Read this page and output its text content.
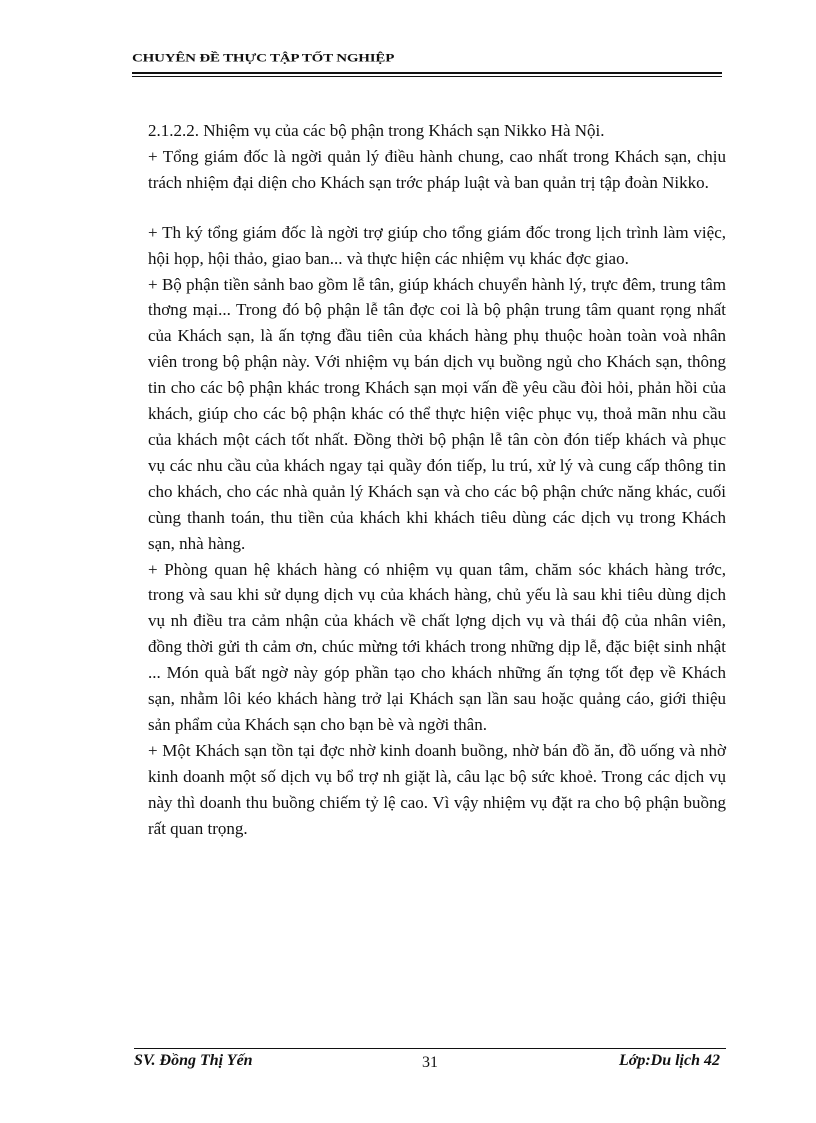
CHUYÊN ĐỀ THỰC TẬP TỐT NGHIỆP

2.1.2.2. Nhiệm vụ của các bộ phận trong Khách sạn Nikko Hà Nội.

+ Tổng giám đốc là ngời quản lý điều hành chung, cao nhất trong Khách sạn, chịu trách nhiệm đại diện cho Khách sạn trớc pháp luật và ban quản trị tập đoàn Nikko.

+ Th ký tổng giám đốc là ngời trợ giúp cho tổng giám đốc trong lịch trình làm việc, hội họp, hội thảo, giao ban... và thực hiện các nhiệm vụ khác đợc giao.

+ Bộ phận tiền sảnh bao gồm lễ tân, giúp khách chuyển hành lý, trực đêm, trung tâm thơng mại... Trong đó bộ phận lễ tân đợc coi là bộ phận trung tâm quant rọng nhất của Khách sạn, là ấn tợng đầu tiên của khách hàng phụ thuộc hoàn toàn voà nhân viên trong bộ phận này. Với nhiệm vụ bán dịch vụ buồng ngủ cho Khách sạn, thông tin cho các bộ phận khác trong Khách sạn mọi vấn đề yêu cầu đòi hỏi, phản hồi của khách, giúp cho các bộ phận khác có thể thực hiện việc phục vụ, thoả mãn nhu cầu của khách một cách tốt nhất. Đồng thời bộ phận lễ tân còn đón tiếp khách và phục vụ các nhu cầu của khách ngay tại quầy đón tiếp, lu trú, xử lý và cung cấp thông tin cho khách, cho các nhà quản lý Khách sạn và cho các bộ phận chức năng khác, cuối cùng thanh toán, thu tiền của khách khi khách tiêu dùng các dịch vụ trong Khách sạn, nhà hàng.

+ Phòng quan hệ khách hàng có nhiệm vụ quan tâm, chăm sóc khách hàng trớc, trong và sau khi sử dụng dịch vụ của khách hàng, chủ yếu là sau khi tiêu dùng dịch vụ nh điều tra cảm nhận của khách về chất lợng dịch vụ và thái độ của nhân viên, đồng thời gửi th cảm ơn, chúc mừng tới khách trong những dịp lễ, đặc biệt sinh nhật ... Món quà bất ngờ này góp phần tạo cho khách những ấn tợng tốt đẹp về Khách sạn, nhằm lôi kéo khách hàng trở lại Khách sạn lần sau hoặc quảng cáo, giới thiệu sản phẩm của Khách sạn cho bạn bè và ngời thân.

+ Một Khách sạn tồn tại đợc nhờ kinh doanh buồng, nhờ bán đồ ăn, đồ uống và nhờ kinh doanh một số dịch vụ bổ trợ nh giặt là, câu lạc bộ sức khoẻ. Trong các dịch vụ này thì doanh thu buồng chiếm tỷ lệ cao. Vì vậy nhiệm vụ đặt ra cho bộ phận buồng rất quan trọng.

SV. Đồng Thị Yến	31	Lớp:Du lịch 42
